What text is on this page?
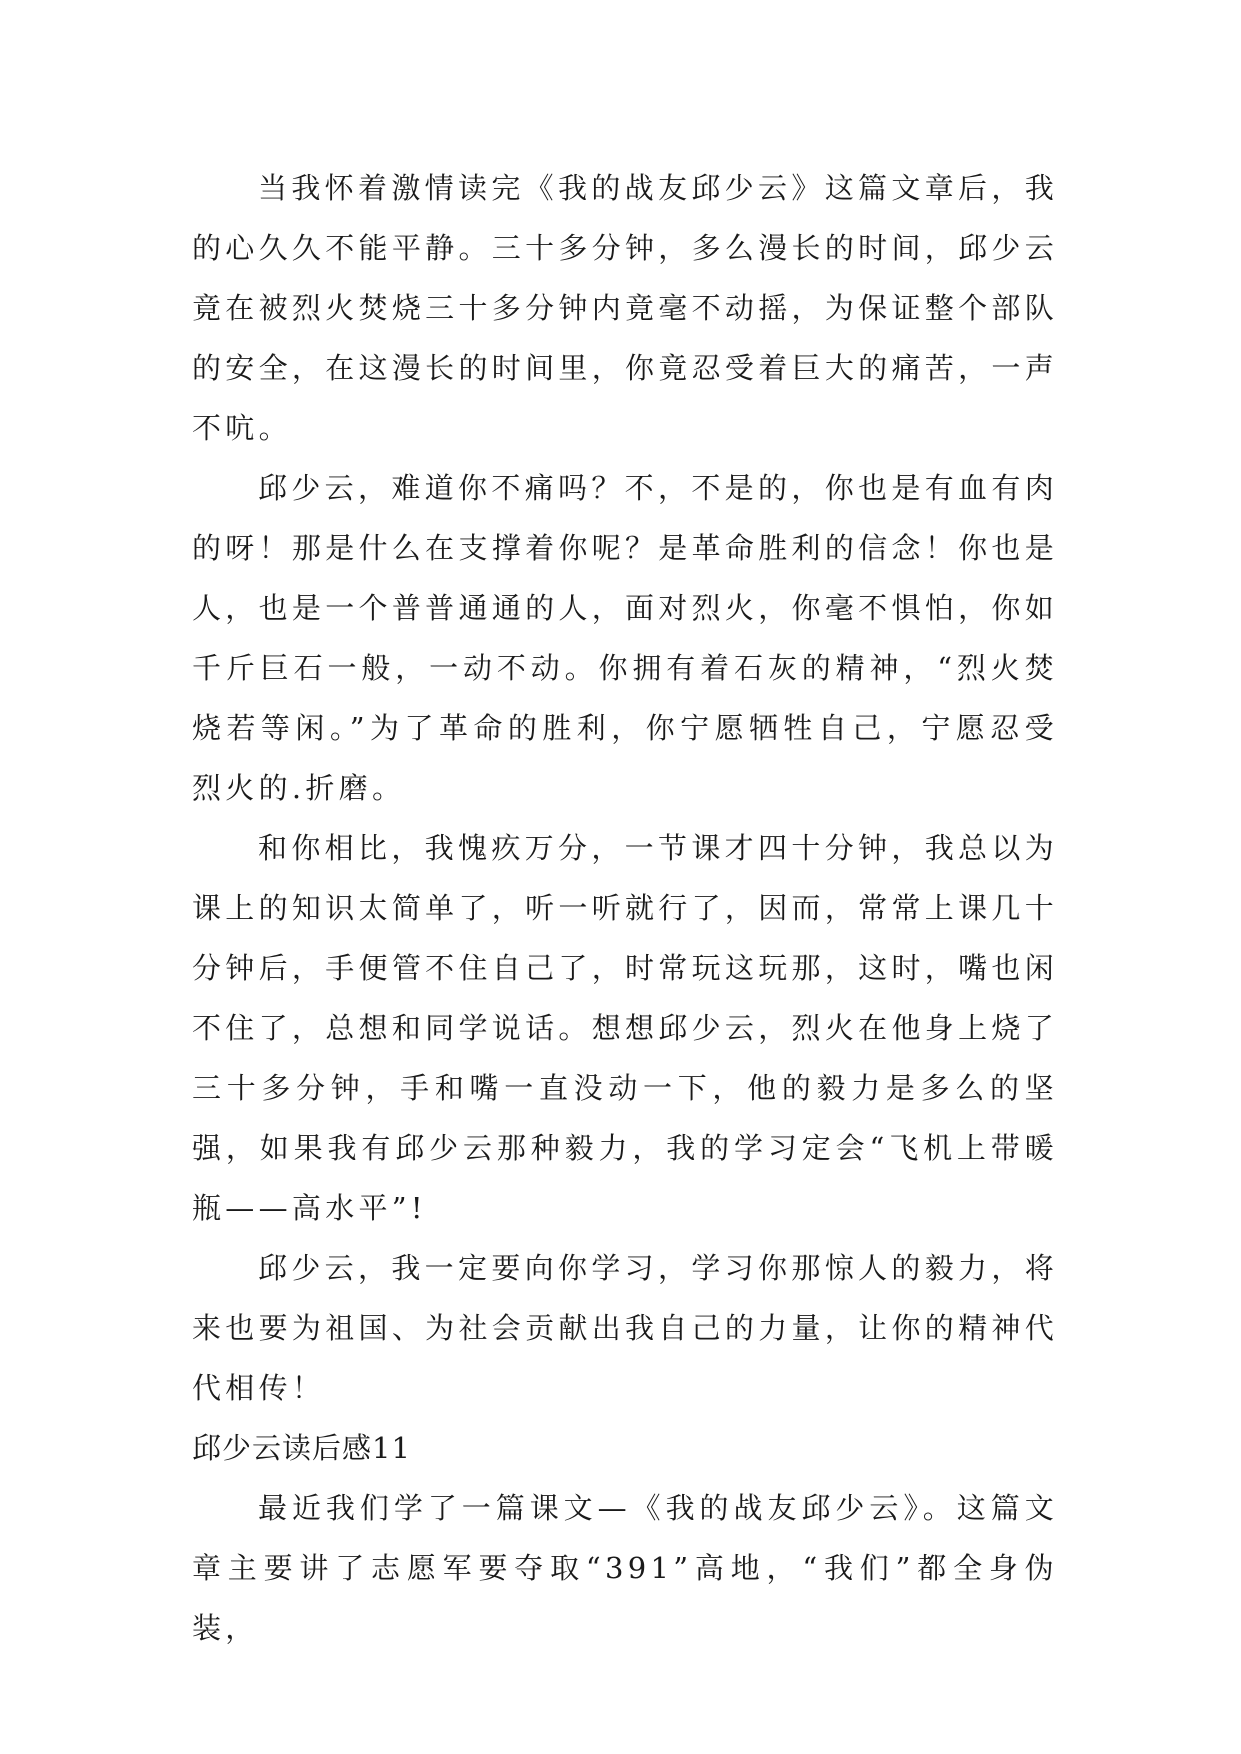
当我怀着激情读完《我的战友邱少云》这篇文章后，我的心久久不能平静。三十多分钟，多么漫长的时间，邱少云竟在被烈火焚烧三十多分钟内竟毫不动摇，为保证整个部队的安全，在这漫长的时间里，你竟忍受着巨大的痛苦，一声不吭。

邱少云，难道你不痛吗？不，不是的，你也是有血有肉的呀！那是什么在支撑着你呢？是革命胜利的信念！你也是人，也是一个普普通通的人，面对烈火，你毫不惧怕，你如千斤巨石一般，一动不动。你拥有着石灰的精神，“烈火焚烧若等闲。”为了革命的胜利，你宁愿牺牲自己，宁愿忍受烈火的.折磨。

和你相比，我愧疚万分，一节课才四十分钟，我总以为课上的知识太简单了，听一听就行了，因而，常常上课几十分钟后，手便管不住自己了，时常玩这玩那，这时，嘴也闲不住了，总想和同学说话。想想邱少云，烈火在他身上烧了三十多分钟，手和嘴一直没动一下，他的毅力是多么的坚强，如果我有邱少云那种毅力，我的学习定会“飞机上带暖瓶——高水平”!

邱少云，我一定要向你学习，学习你那惊人的毅力，将来也要为祖国、为社会贡献出我自己的力量，让你的精神代代相传！

邱少云读后感11

最近我们学了一篇课文—《我的战友邱少云》。这篇文章主要讲了志愿军要夺取“391”高地，“我们”都全身伪装，
